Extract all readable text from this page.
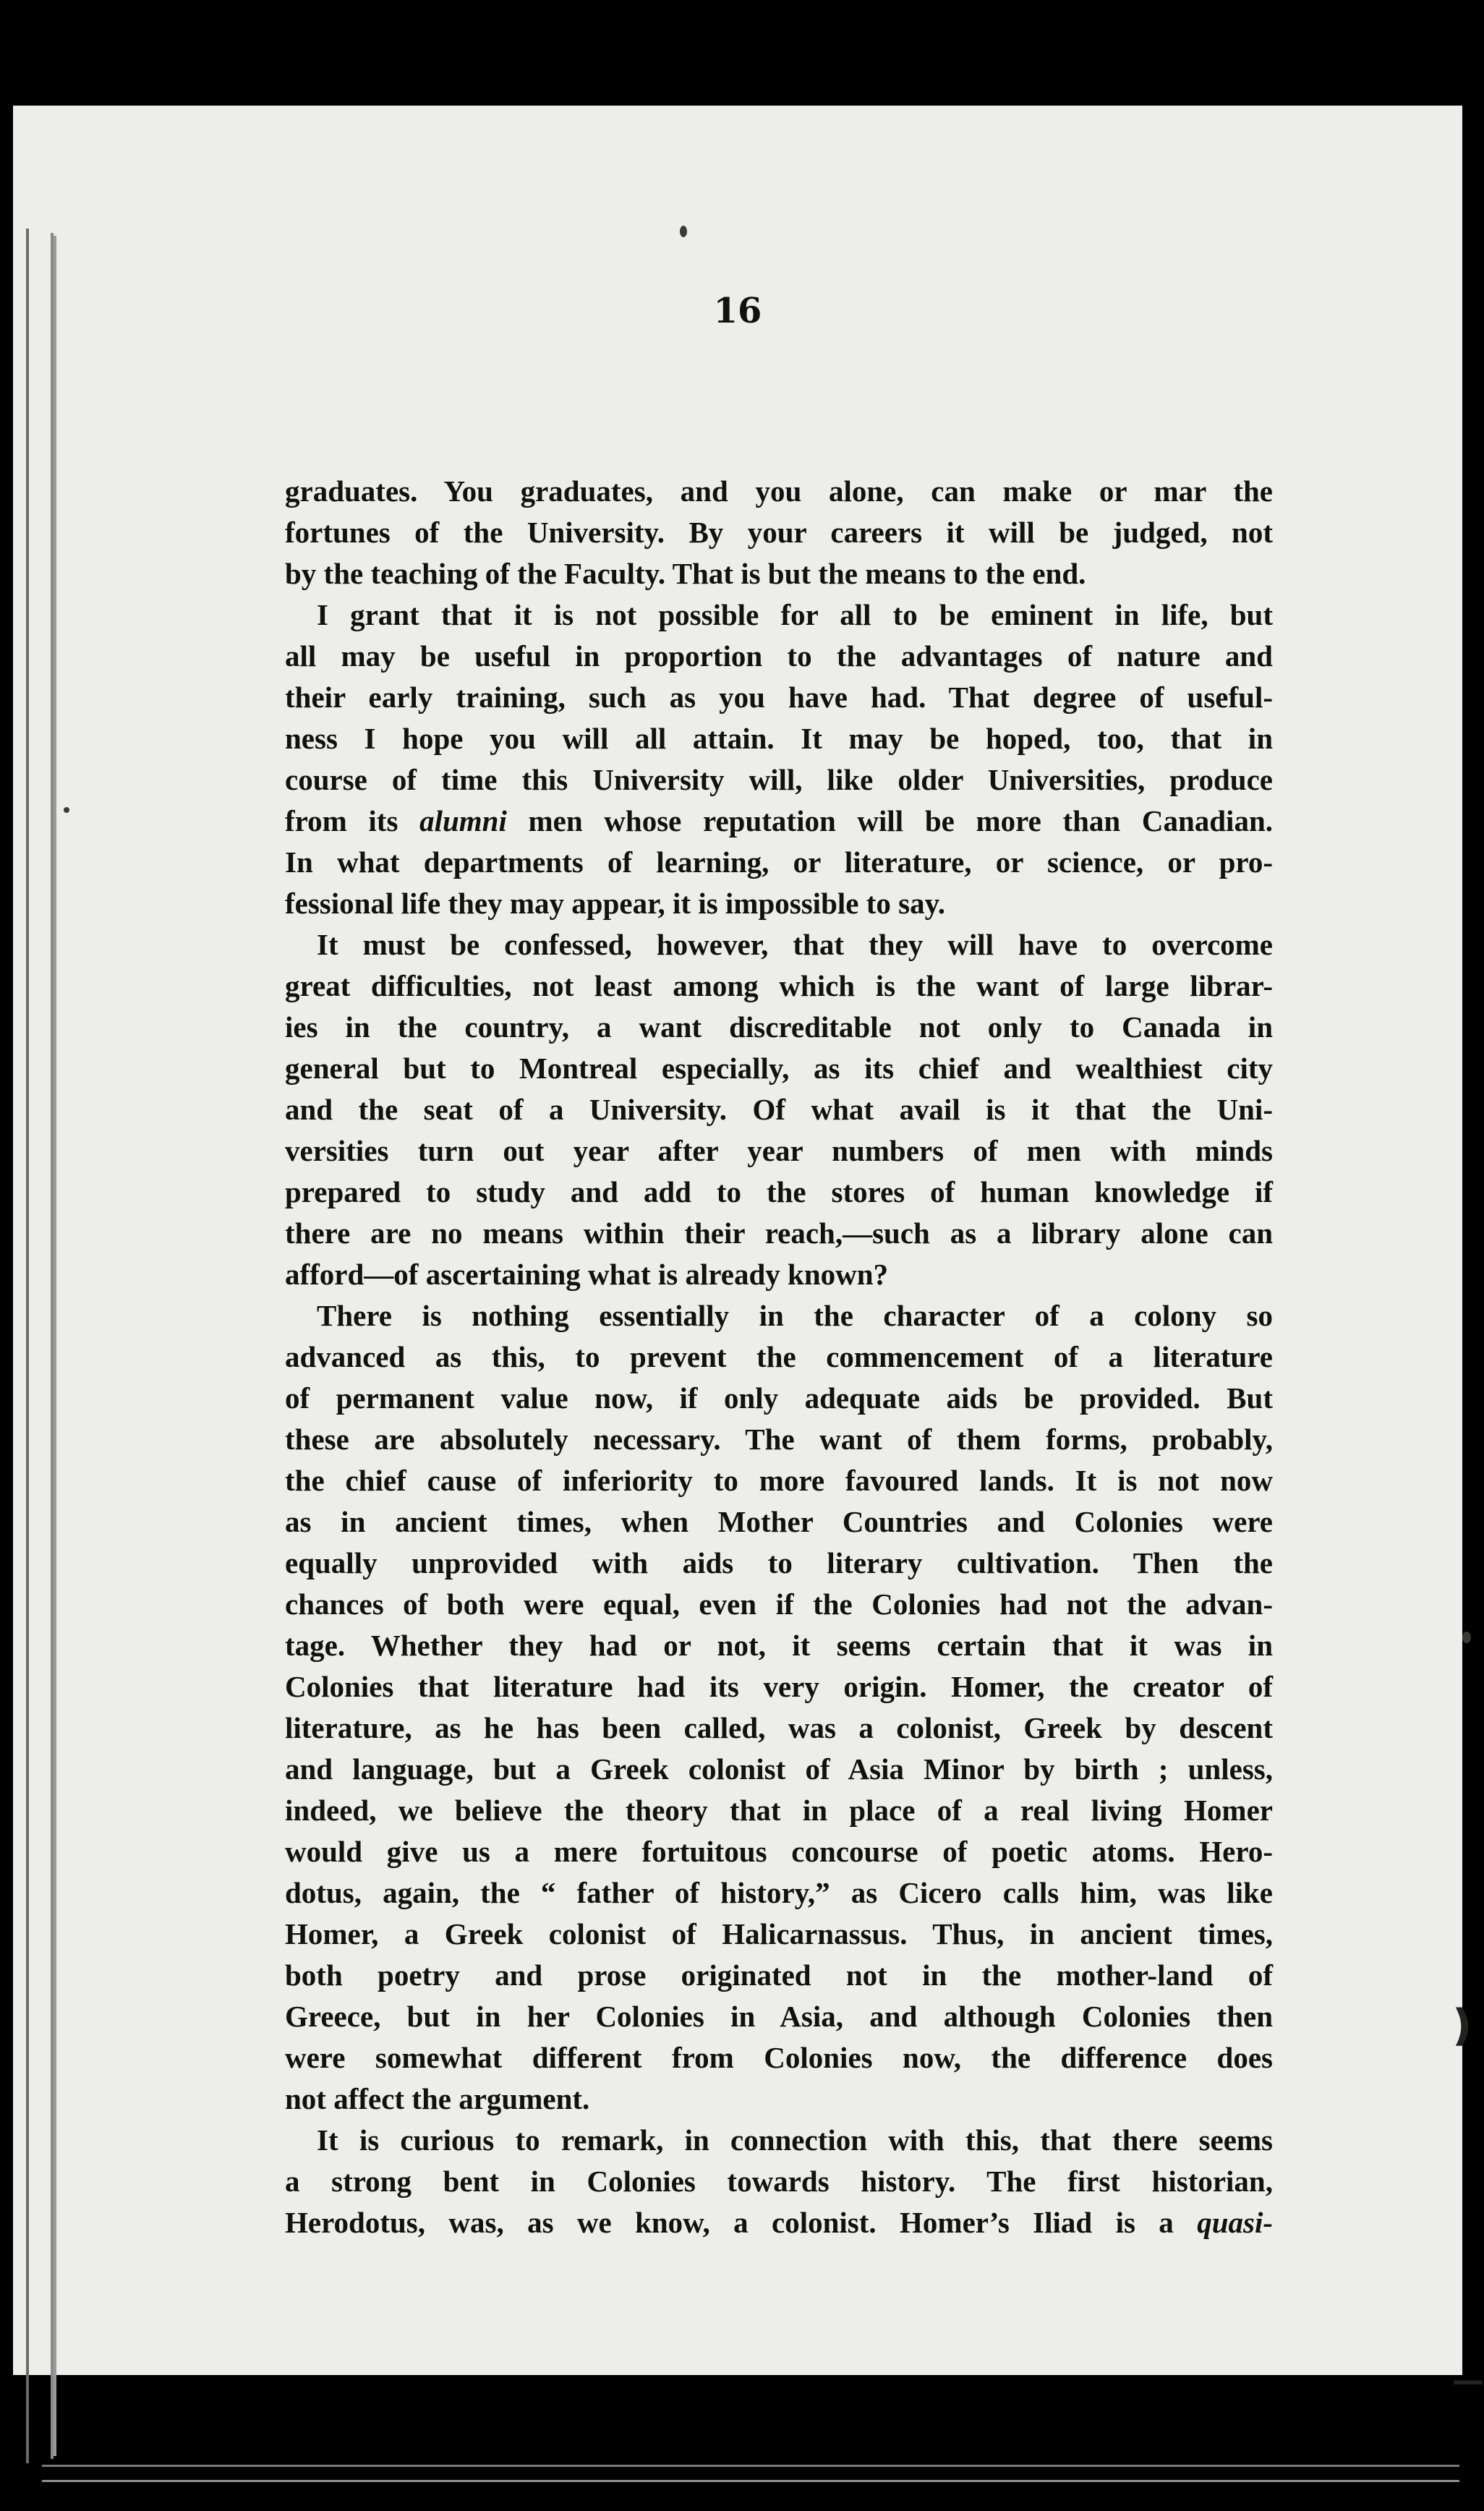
)
—
16
graduates. You graduates, and you alone, can make or mar the
fortunes of the University. By your careers it will be judged, not
by the teaching of the Faculty. That is but the means to the end.
I grant that it is not possible for all to be eminent in life, but
all may be useful in proportion to the advantages of nature and
their early training, such as you have had. That degree of useful-
ness I hope you will all attain. It may be hoped, too, that in
course of time this University will, like older Universities, produce
from its alumni men whose reputation will be more than Canadian.
In what departments of learning, or literature, or science, or pro-
fessional life they may appear, it is impossible to say.
It must be confessed, however, that they will have to overcome
great difficulties, not least among which is the want of large librar-
ies in the country, a want discreditable not only to Canada in
general but to Montreal especially, as its chief and wealthiest city
and the seat of a University. Of what avail is it that the Uni-
versities turn out year after year numbers of men with minds
prepared to study and add to the stores of human knowledge if
there are no means within their reach,—such as a library alone can
afford—of ascertaining what is already known?
There is nothing essentially in the character of a colony so
advanced as this, to prevent the commencement of a literature
of permanent value now, if only adequate aids be provided. But
these are absolutely necessary. The want of them forms, probably,
the chief cause of inferiority to more favoured lands. It is not now
as in ancient times, when Mother Countries and Colonies were
equally unprovided with aids to literary cultivation. Then the
chances of both were equal, even if the Colonies had not the advan-
tage. Whether they had or not, it seems certain that it was in
Colonies that literature had its very origin. Homer, the creator of
literature, as he has been called, was a colonist, Greek by descent
and language, but a Greek colonist of Asia Minor by birth ; unless,
indeed, we believe the theory that in place of a real living Homer
would give us a mere fortuitous concourse of poetic atoms. Hero-
dotus, again, the “ father of history,” as Cicero calls him, was like
Homer, a Greek colonist of Halicarnassus. Thus, in ancient times,
both poetry and prose originated not in the mother-land of
Greece, but in her Colonies in Asia, and although Colonies then
were somewhat different from Colonies now, the difference does
not affect the argument.
It is curious to remark, in connection with this, that there seems
a strong bent in Colonies towards history. The first historian,
Herodotus, was, as we know, a colonist. Homer’s Iliad is a quasi-
